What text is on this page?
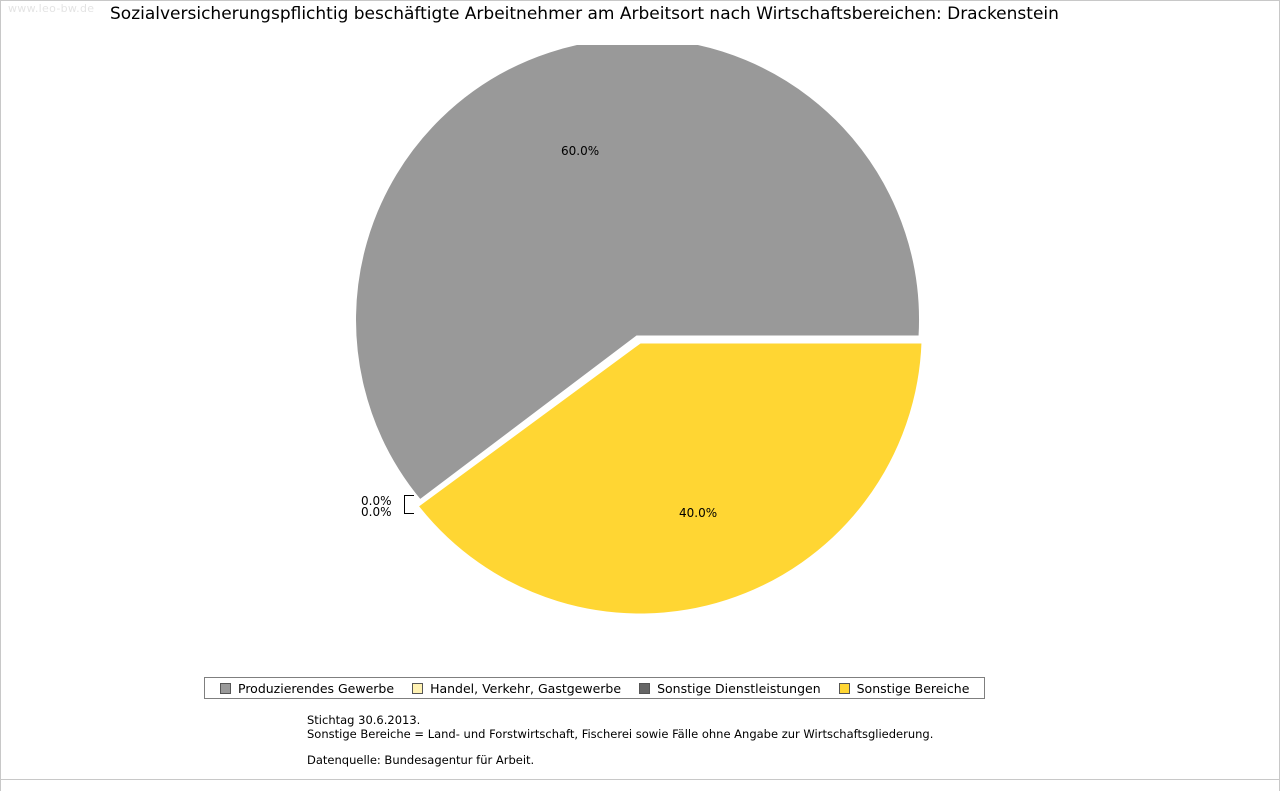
www.leo-bw.de Sozialversicherungspflichtig beschäftigte Arbeitnehmer am Arbeitsort nach Wirtschaftsbereichen: Drackenstein
60.0%
40.0%
0.0%
0.0%
Produzierendes Gewerbe	Handel, Verkehr, Gastgewerbe	Sonstige Dienstleistungen	Sonstige Bereiche
Stichtag 30.6.2013.
Sonstige Bereiche = Land- und Forstwirtschaft, Fischerei sowie Fälle ohne Angabe zur Wirtschaftsgliederung.
Datenquelle: Bundesagentur für Arbeit.
